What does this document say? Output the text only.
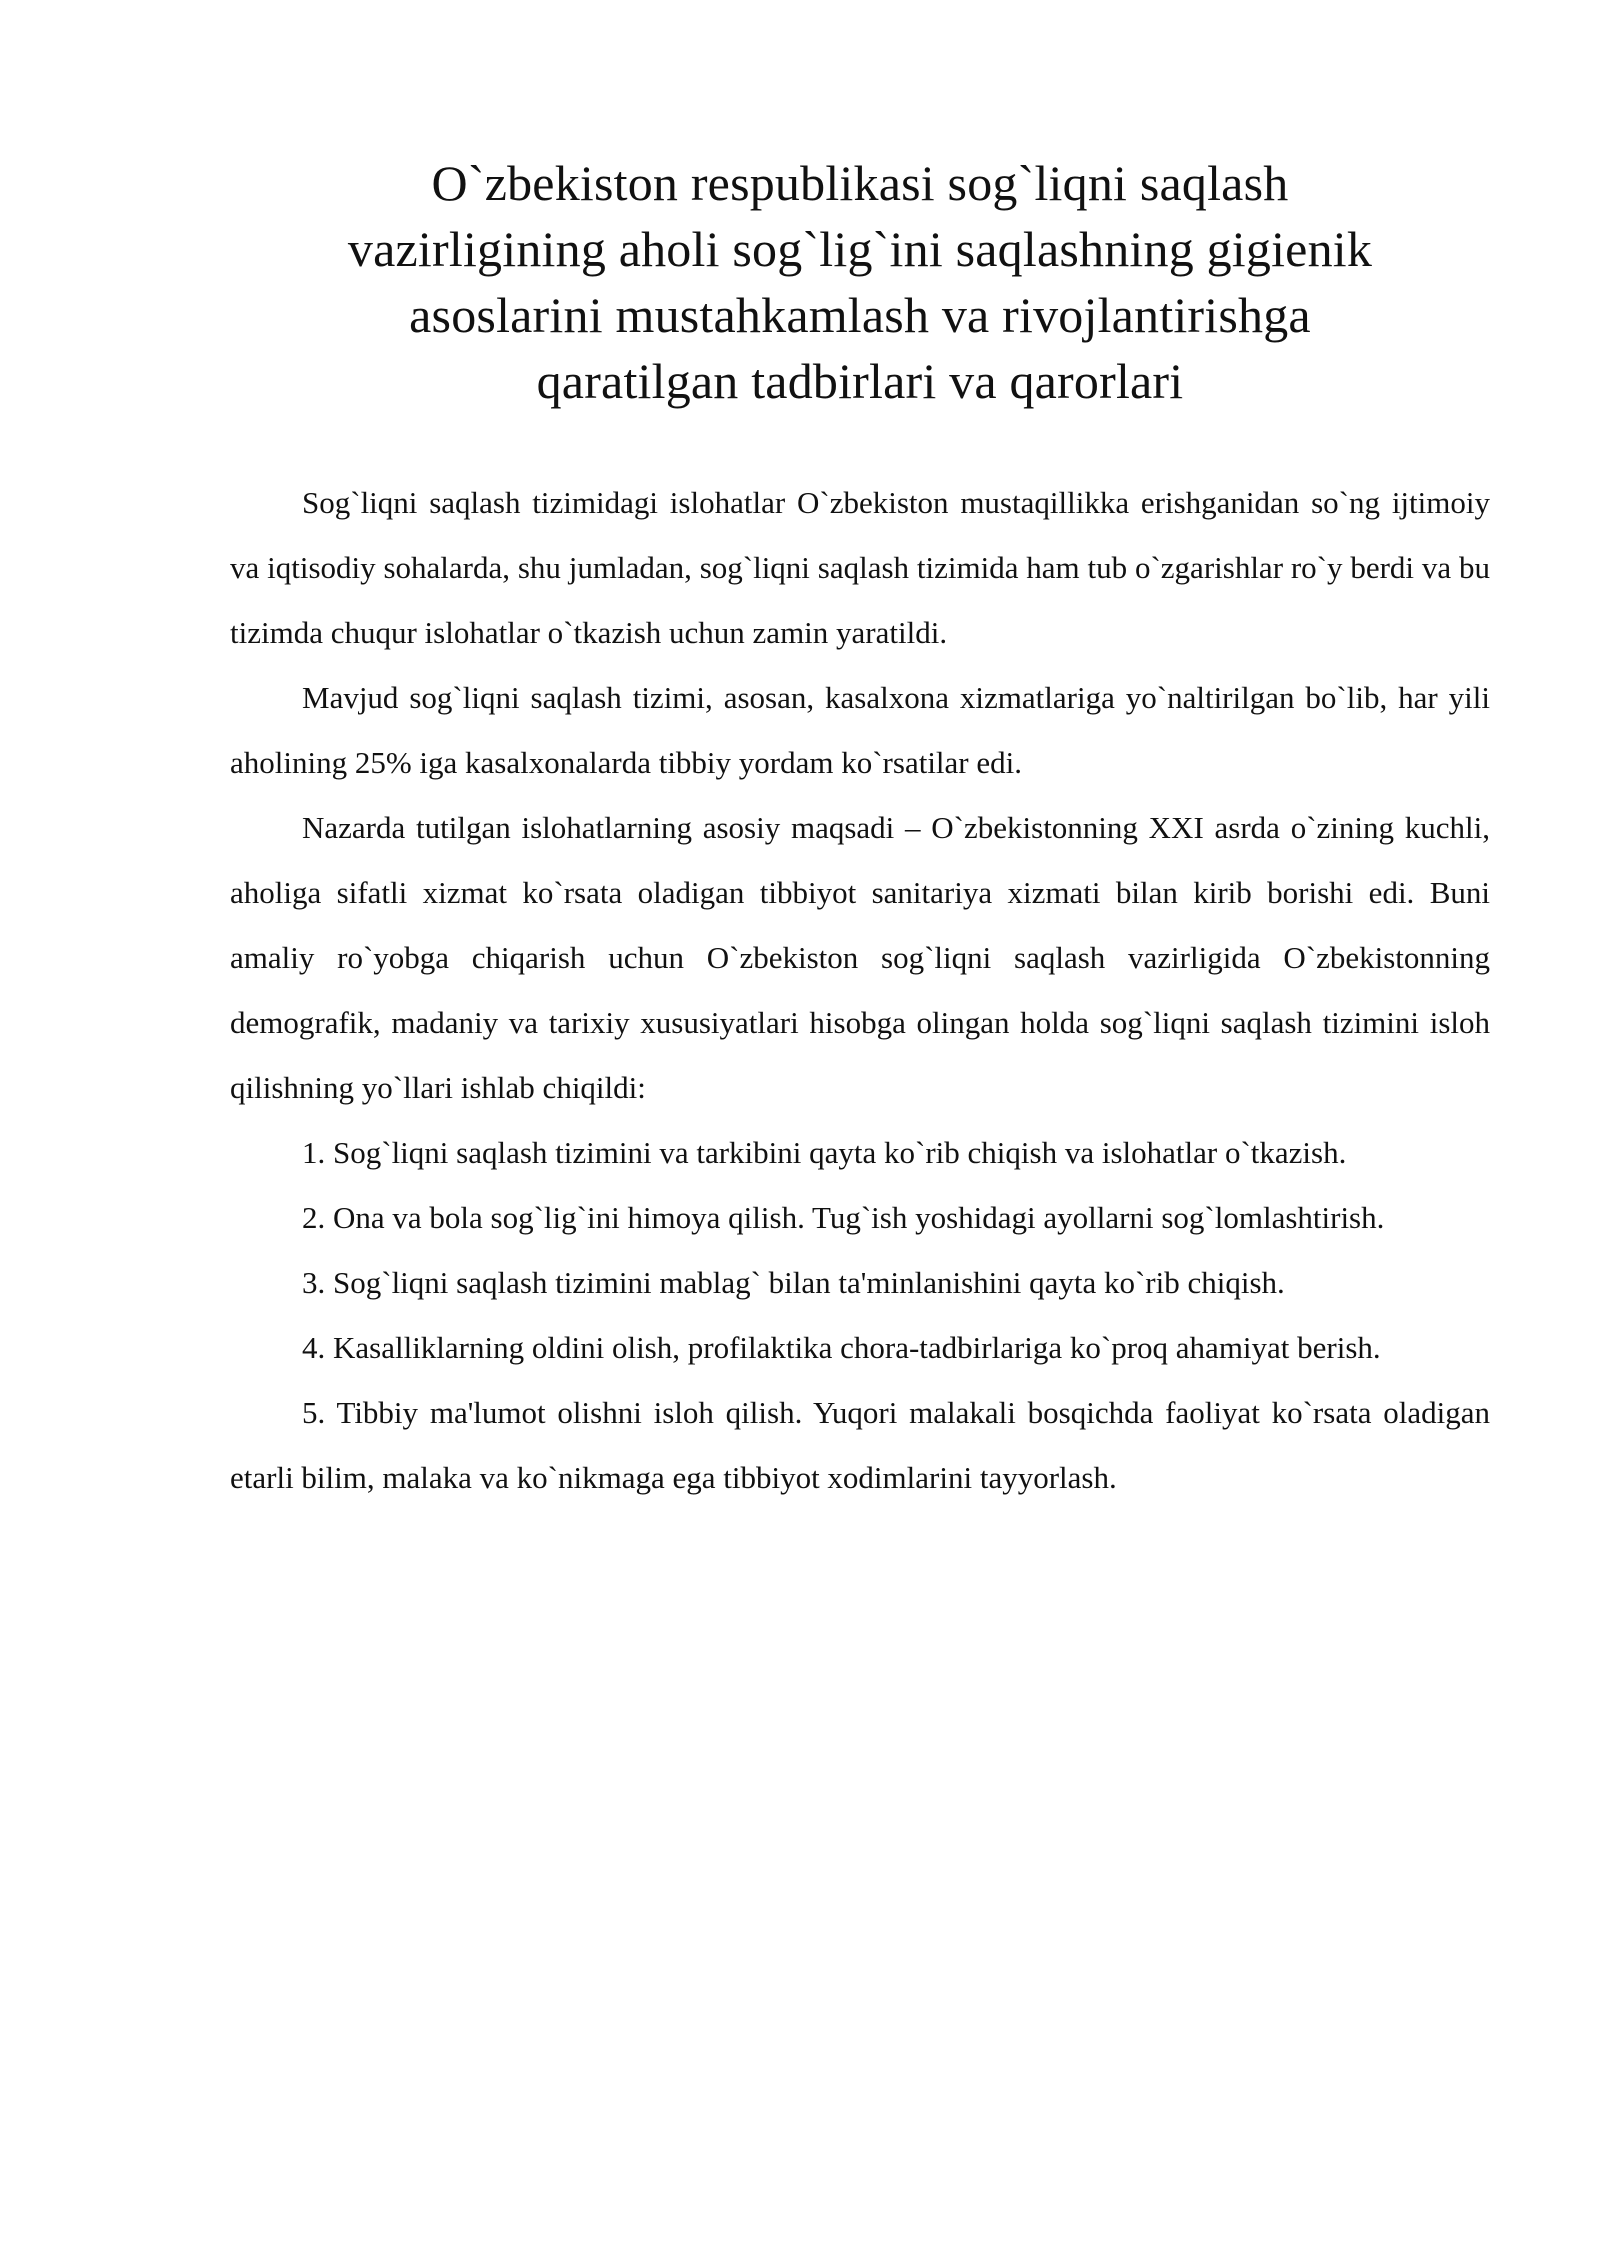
O`zbekiston respublikasi sog`liqni saqlash
vazirligining aholi sog`lig`ini saqlashning gigienik
asoslarini mustahkamlash va rivojlantirishga
qaratilgan tadbirlari va qarorlari

Sog`liqni saqlash tizimidagi islohatlar O`zbekiston mustaqillikka erishganidan so`ng ijtimoiy va iqtisodiy sohalarda, shu jumladan, sog`liqni saqlash tizimida ham tub o`zgarishlar ro`y berdi va bu tizimda chuqur islohatlar o`tkazish uchun zamin yaratildi.

Mavjud sog`liqni saqlash tizimi, asosan, kasalxona xizmatlariga yo`naltirilgan bo`lib, har yili aholining 25% iga kasalxonalarda tibbiy yordam ko`rsatilar edi.

Nazarda tutilgan islohatlarning asosiy maqsadi – O`zbekistonning XXI asrda o`zining kuchli, aholiga sifatli xizmat ko`rsata oladigan tibbiyot sanitariya xizmati bilan kirib borishi edi. Buni amaliy ro`yobga chiqarish uchun O`zbekiston sog`liqni saqlash vazirligida O`zbekistonning demografik, madaniy va tarixiy xususiyatlari hisobga olingan holda sog`liqni saqlash tizimini isloh qilishning yo`llari ishlab chiqildi:

1. Sog`liqni saqlash tizimini va tarkibini qayta ko`rib chiqish va islohatlar o`tkazish.

2. Ona va bola sog`lig`ini himoya qilish. Tug`ish yoshidagi ayollarni sog`lomlashtirish.

3. Sog`liqni saqlash tizimini mablag` bilan ta'minlanishini qayta ko`rib chiqish.

4. Kasalliklarning oldini olish, profilaktika chora-tadbirlariga ko`proq ahamiyat berish.

5. Tibbiy ma'lumot olishni isloh qilish. Yuqori malakali bosqichda faoliyat ko`rsata oladigan etarli bilim, malaka va ko`nikmaga ega tibbiyot xodimlarini tayyorlash.
